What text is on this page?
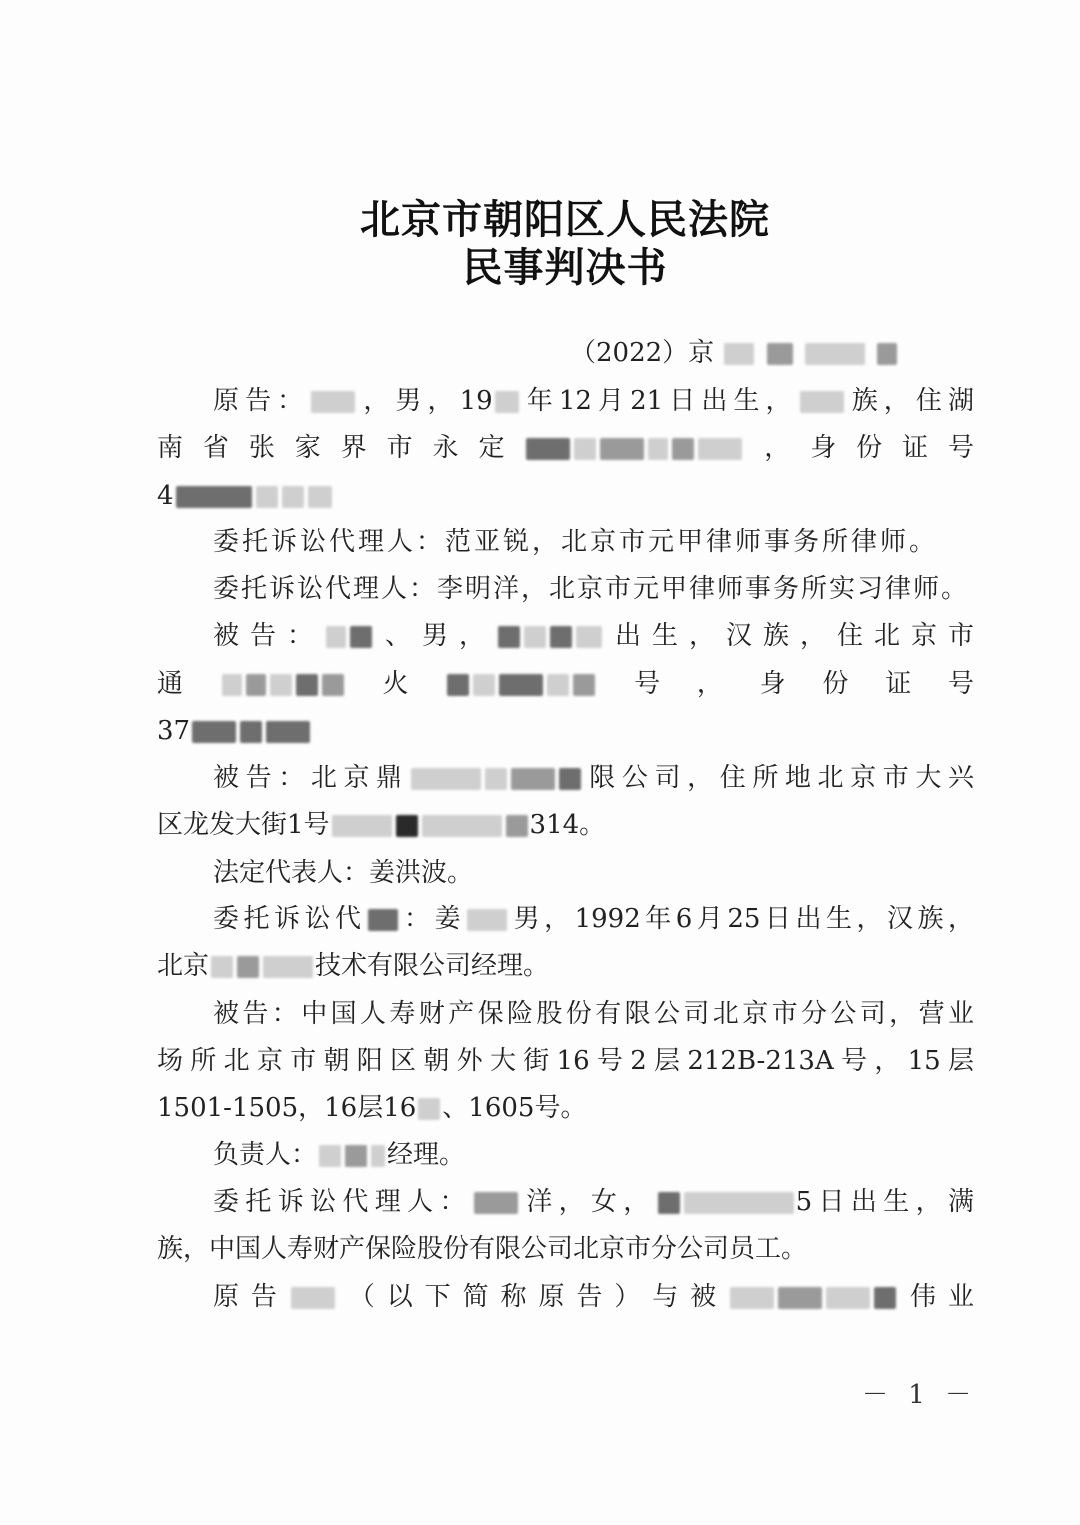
北京市朝阳区人民法院
民事判决书
（2022）京
原告： ，男，19 年12月21日出生， 族，住湖
南省张家界市永定	，身份证号
4
委托诉讼代理人：范亚锐，北京市元甲律师事务所律师。
委托诉讼代理人：李明洋，北京市元甲律师事务所实习律师。
被告： 、男，	出生，汉族，住北京市
通	火	号，身份证号
37
被告：北京鼎	限公司，住所地北京市大兴
区龙发大街1号	314。
法定代表人：姜洪波。
委托诉讼代 ：姜 男，1992年6月25日出生，汉族，
北京	技术有限公司经理。
被告：中国人寿财产保险股份有限公司北京市分公司，营业
场所北京市朝阳区朝外大街16号2层212B-213A号，15层
1501-1505，16层16 、1605号。
负责人：	经理。
委托诉讼代理人： 洋，女，	5日出生，满
族，中国人寿财产保险股份有限公司北京市分公司员工。
原告 （以下简称原告）与被	伟业
－ 1 －
